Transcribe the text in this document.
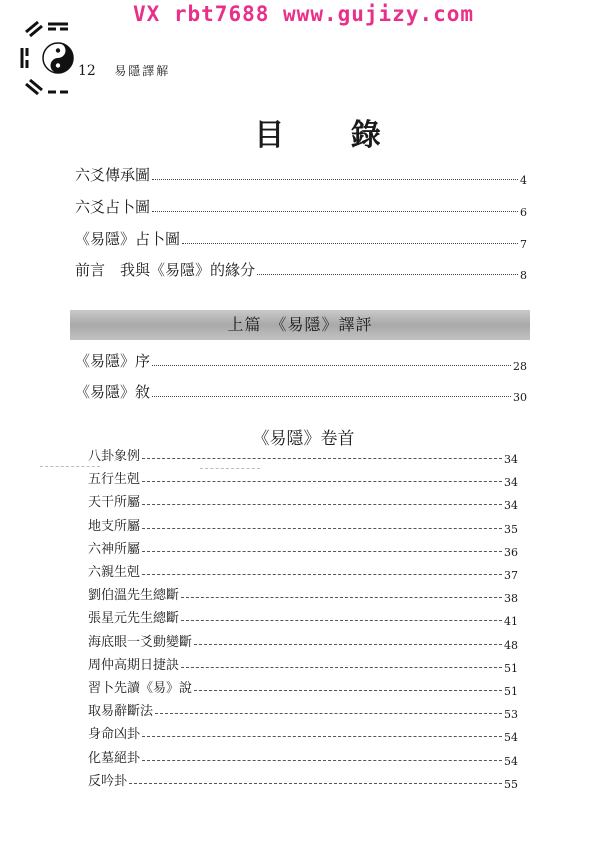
VX rbt7688 www.gujizy.com
12 易隱譯解
目 錄
六爻傳承圖	4
六爻占卜圖	6
《易隱》占卜圖	7
前言　我與《易隱》的緣分	8
上篇　《易隱》譯評
《易隱》序	28
《易隱》敘	30
《易隱》卷首
八卦象例	34
五行生剋	34
天干所屬	34
地支所屬	35
六神所屬	36
六親生剋	37
劉伯溫先生總斷	38
張星元先生總斷	41
海底眼一爻動變斷	48
周仲高期日捷訣	51
習卜先讀《易》說	51
取易辭斷法	53
身命凶卦	54
化墓絕卦	54
反吟卦	55
